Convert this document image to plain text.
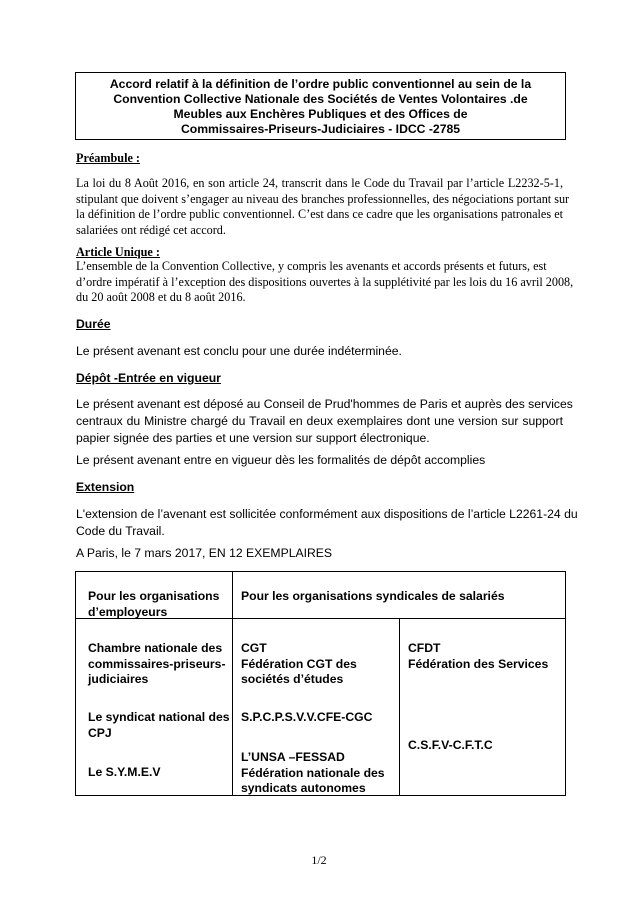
Accord relatif à la définition de l’ordre public conventionnel au sein de la
Convention Collective Nationale des Sociétés de Ventes Volontaires .de
Meubles aux Enchères Publiques et des Offices de
Commissaires-Priseurs-Judiciaires - IDCC -2785
Préambule :
La loi du 8 Août 2016, en son article 24, transcrit dans le Code du Travail par l’article L2232-5-1,
stipulant que doivent s’engager au niveau des branches professionnelles, des négociations portant sur
la définition de l’ordre public conventionnel. C’est dans ce cadre que les organisations patronales et
salariées ont rédigé cet accord.
Article Unique :
L’ensemble de la Convention Collective, y compris les avenants et accords présents et futurs, est
d’ordre impératif à l’exception des dispositions ouvertes à la supplétivité par les lois du 16 avril 2008,
du 20 août 2008 et du 8 août 2016.
Durée
Le présent avenant est conclu pour une durée indéterminée.
Dépôt -Entrée en vigueur
Le présent avenant est déposé au Conseil de Prud'hommes de Paris et auprès des services
centraux du Ministre chargé du Travail en deux exemplaires dont une version sur support
papier signée des parties et une version sur support électronique.
Le présent avenant entre en vigueur dès les formalités de dépôt accomplies
Extension
L'extension de l’avenant est sollicitée conformément aux dispositions de l’article L2261-24 du
Code du Travail.
A Paris, le 7 mars 2017, EN 12 EXEMPLAIRES
Pour les organisations
d’employeurs
Pour les organisations syndicales de salariés
Chambre nationale des
commissaires-priseurs-
judiciaires
Le syndicat national des
CPJ
Le S.Y.M.E.V
CGT
Fédération CGT des
sociétés d’études
S.P.C.P.S.V.V.CFE-CGC
L’UNSA –FESSAD
Fédération nationale des
syndicats autonomes
CFDT
Fédération des Services
C.S.F.V-C.F.T.C
1/2
